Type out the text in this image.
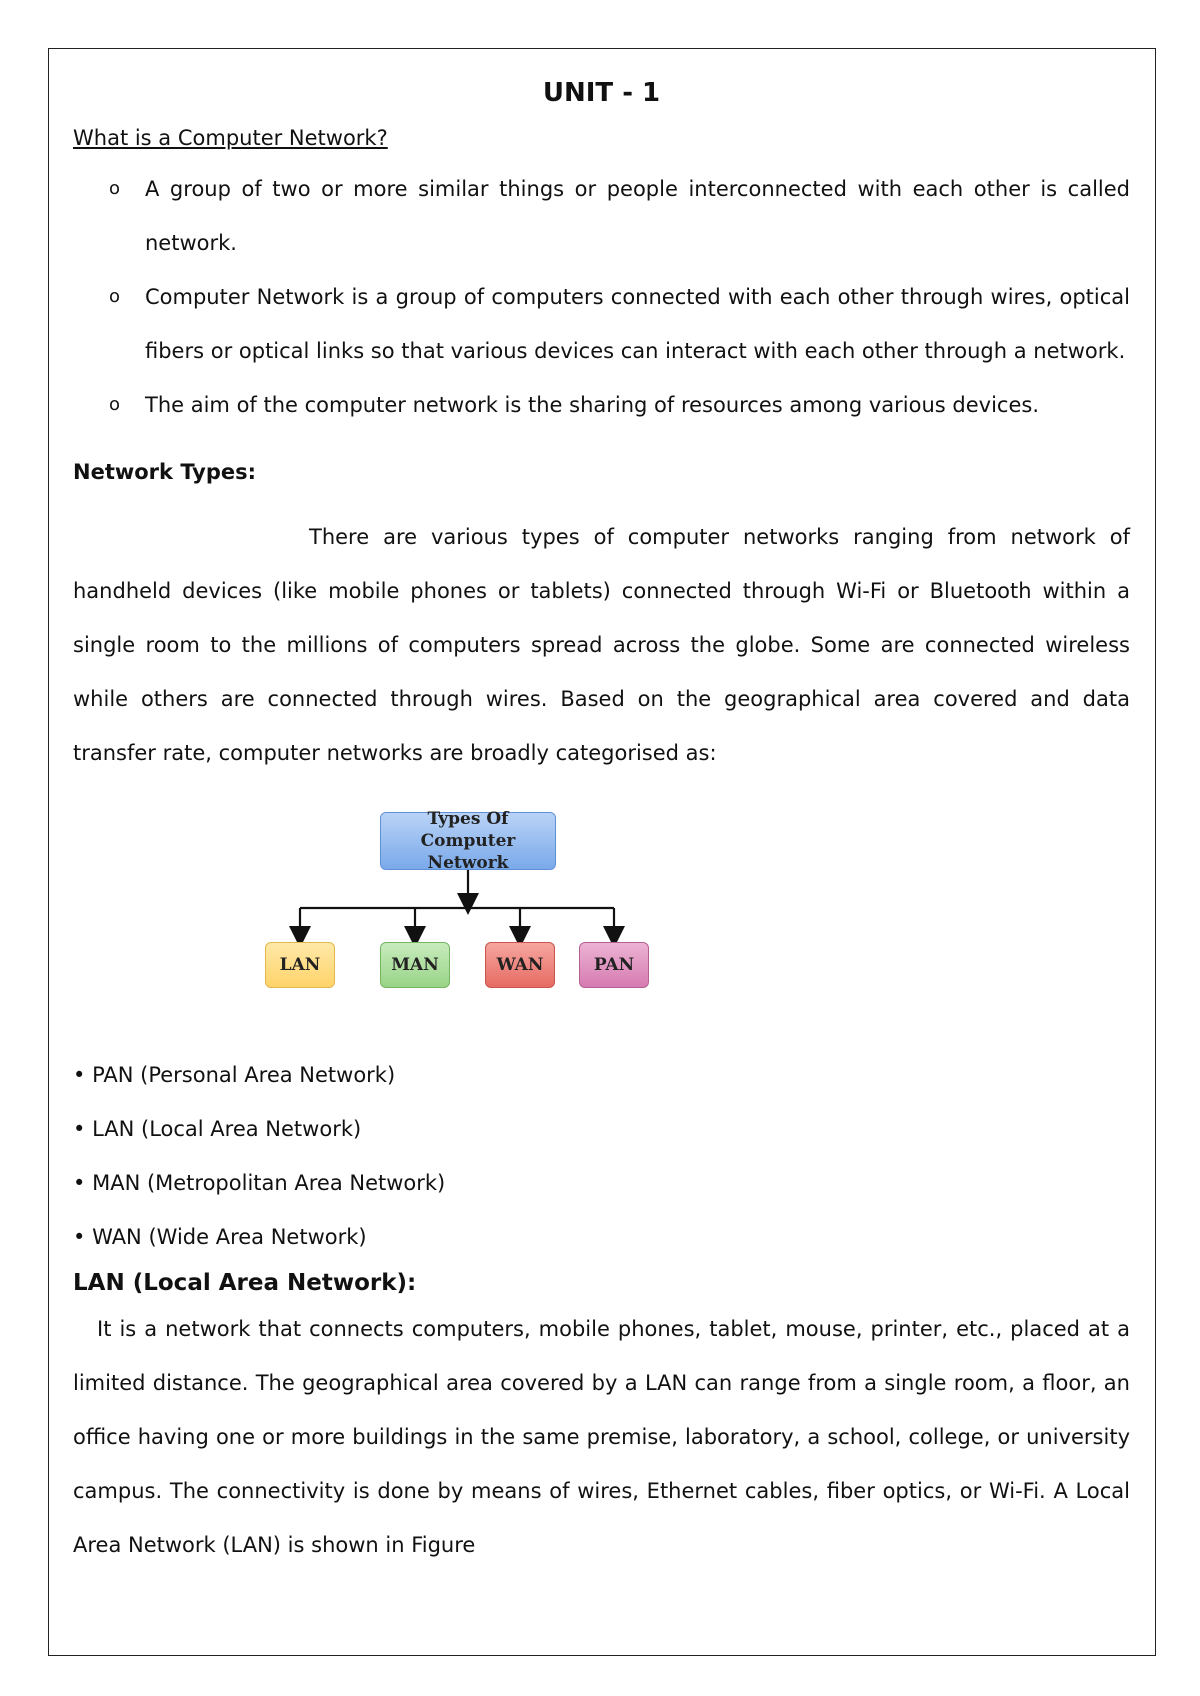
UNIT - 1
What is a Computer Network?
o A group of two or more similar things or people interconnected with each other is called network.
o Computer Network is a group of computers connected with each other through wires, optical fibers or optical links so that various devices can interact with each other through a network.
o The aim of the computer network is the sharing of resources among various devices.
Network Types:

There are various types of computer networks ranging from network of handheld devices (like mobile phones or tablets) connected through Wi-Fi or Bluetooth within a single room to the millions of computers spread across the globe. Some are connected wireless while others are connected through wires. Based on the geographical area covered and data transfer rate, computer networks are broadly categorised as:

Types Of Computer
Network
LAN	MAN	WAN	PAN
• PAN (Personal Area Network)
• LAN (Local Area Network)
• MAN (Metropolitan Area Network)
• WAN (Wide Area Network)
LAN (Local Area Network):

It is a network that connects computers, mobile phones, tablet, mouse, printer, etc., placed at a limited distance. The geographical area covered by a LAN can range from a single room, a floor, an office having one or more buildings in the same premise, laboratory, a school, college, or university campus. The connectivity is done by means of wires, Ethernet cables, fiber optics, or Wi-Fi. A Local Area Network (LAN) is shown in Figure
